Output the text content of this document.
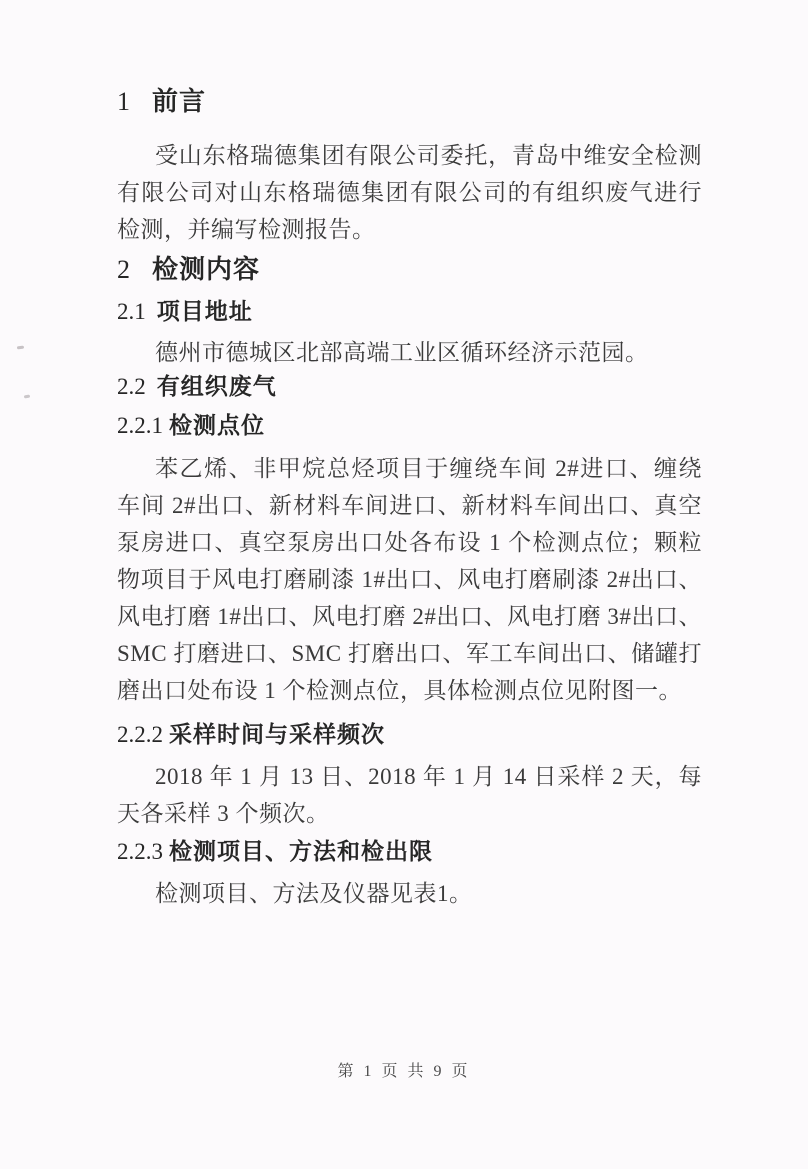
1 前言

受山东格瑞德集团有限公司委托，青岛中维安全检测有限公司对山东格瑞德集团有限公司的有组织废气进行检测，并编写检测报告。

2 检测内容
2.1 项目地址

德州市德城区北部高端工业区循环经济示范园。

2.2 有组织废气
2.2.1 检测点位

苯乙烯、非甲烷总烃项目于缠绕车间 2#进口、缠绕车间 2#出口、新材料车间进口、新材料车间出口、真空泵房进口、真空泵房出口处各布设 1 个检测点位；颗粒物项目于风电打磨刷漆 1#出口、风电打磨刷漆 2#出口、风电打磨 1#出口、风电打磨 2#出口、风电打磨 3#出口、SMC 打磨进口、SMC 打磨出口、军工车间出口、储罐打磨出口处布设 1 个检测点位，具体检测点位见附图一。

2.2.2 采样时间与采样频次

2018 年 1 月 13 日、2018 年 1 月 14 日采样 2 天，每天各采样 3 个频次。

2.2.3 检测项目、方法和检出限

检测项目、方法及仪器见表1。

第 1 页 共 9 页
